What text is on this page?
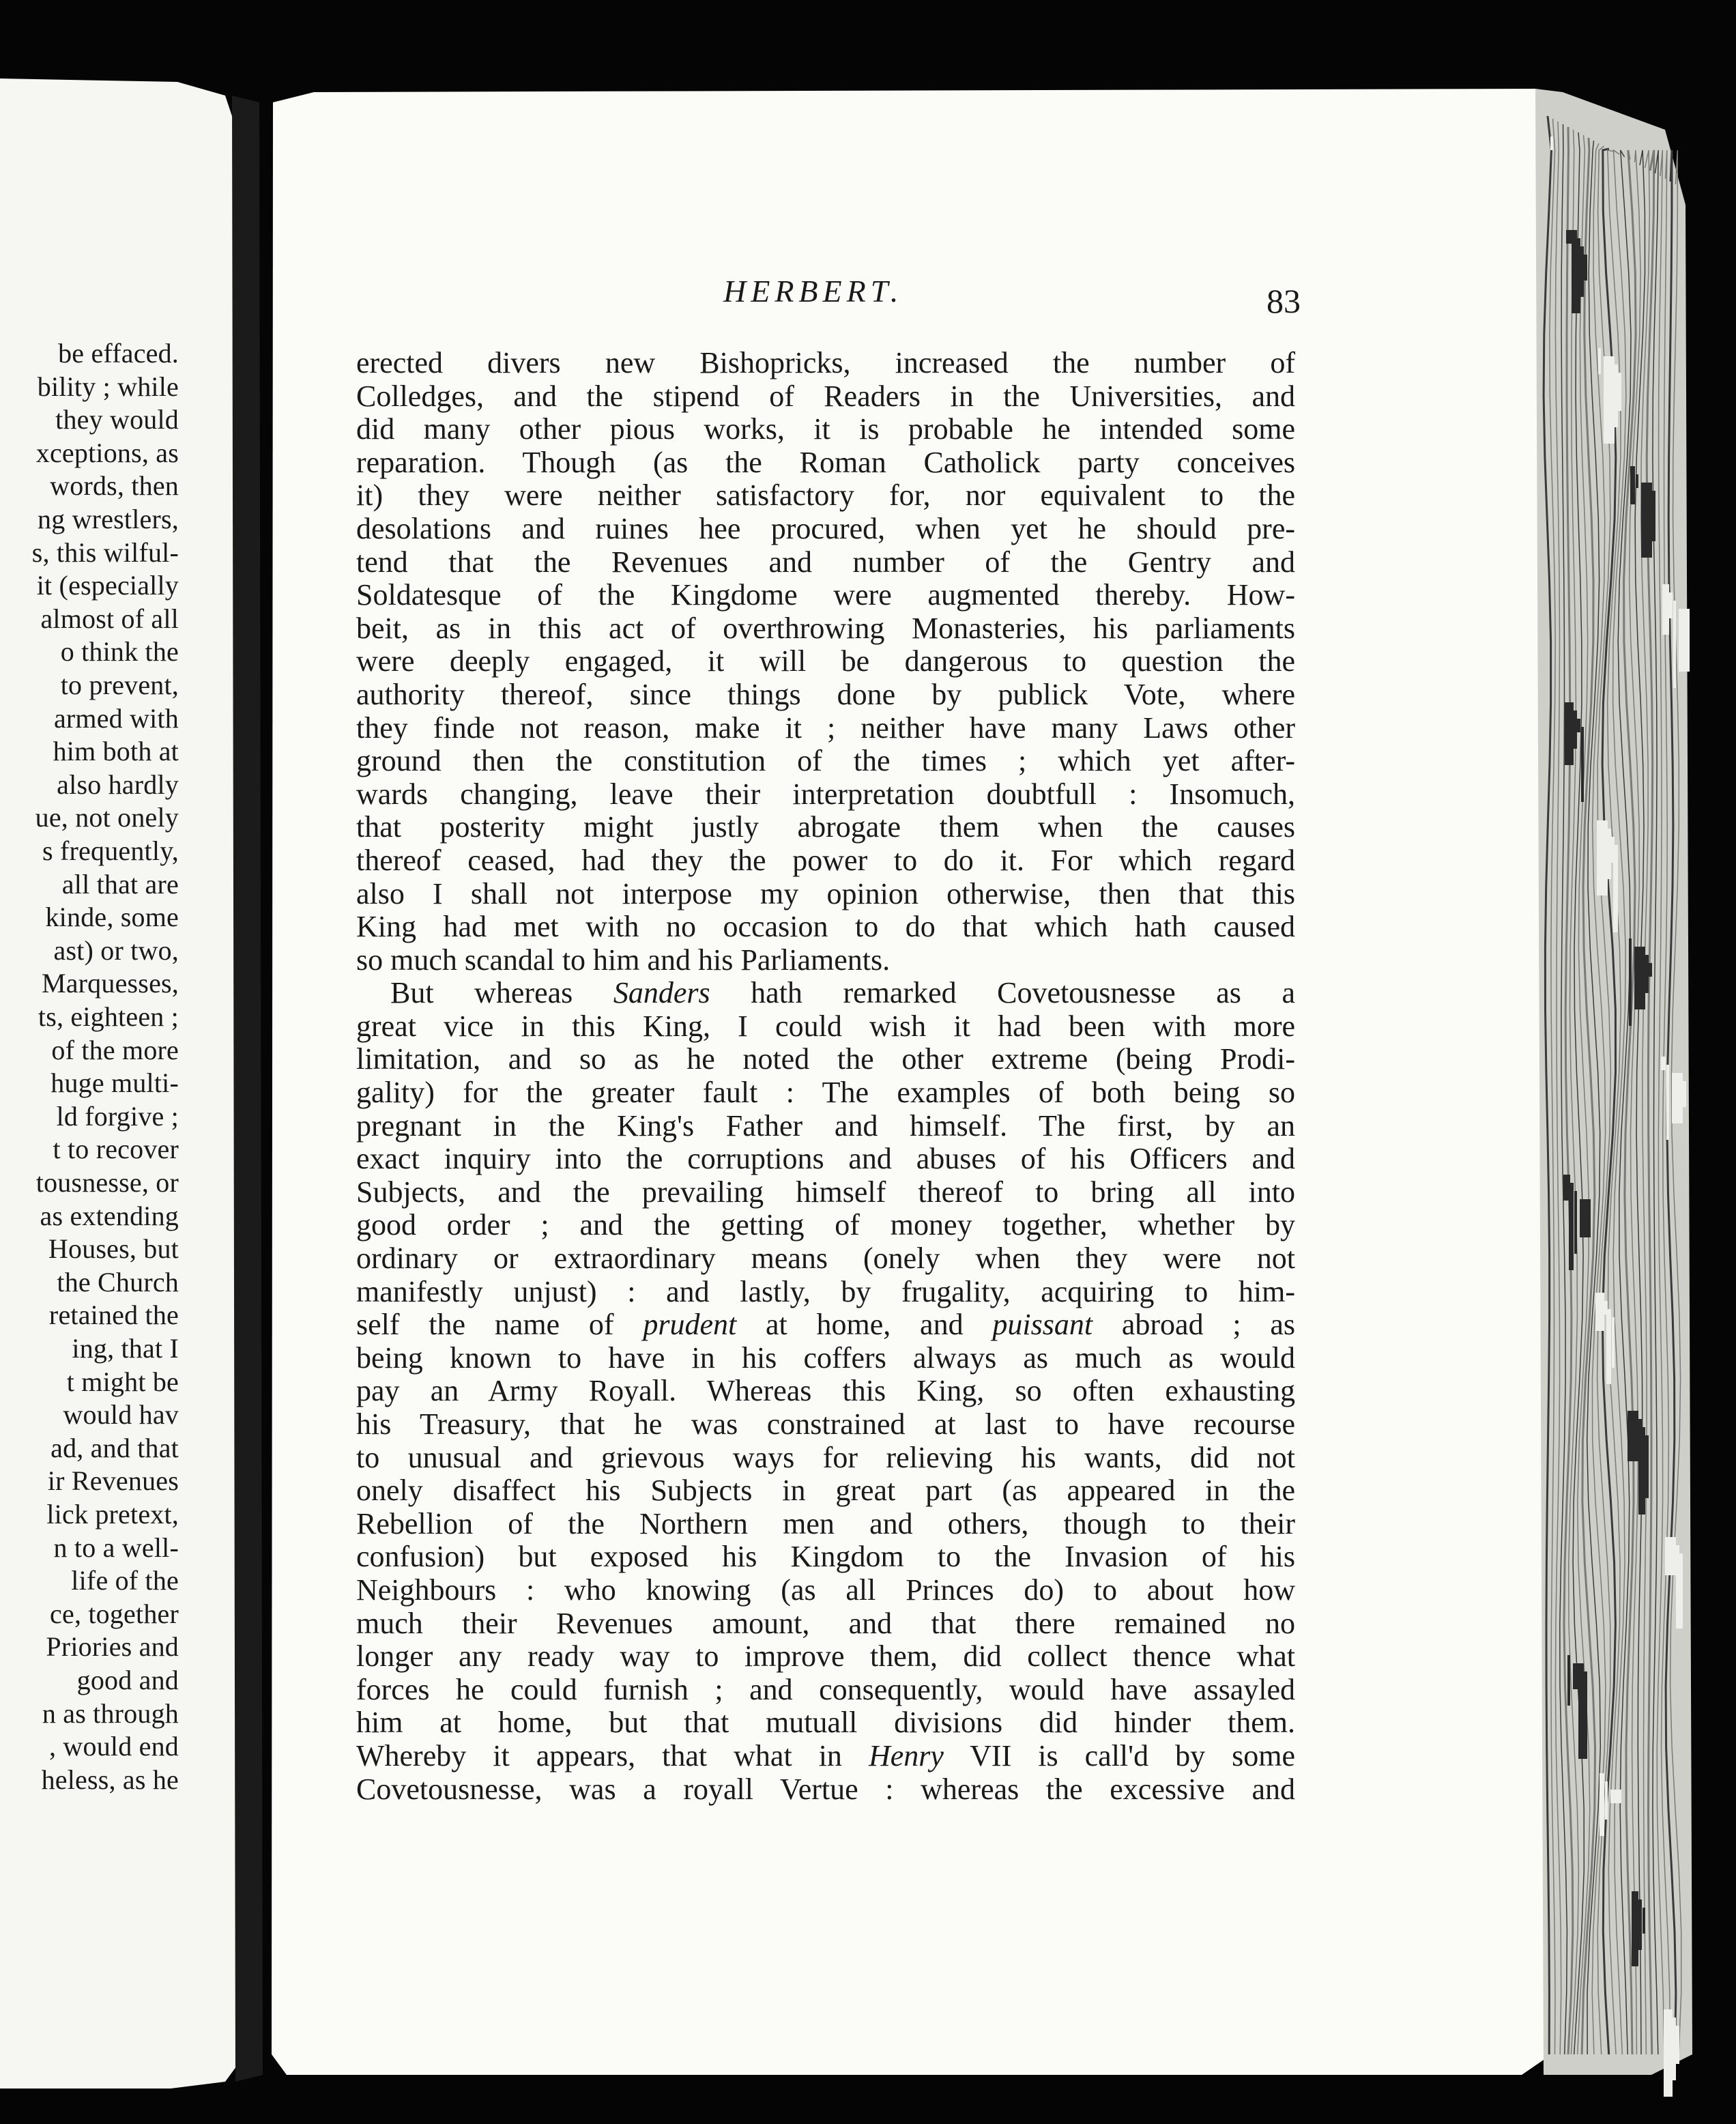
be effaced.
bility ; while
they would
xceptions, as
words, then
ng wrestlers,
s, this wilful-
it (especially
almost of all
o think the
to prevent,
armed with
him both at
also hardly
ue, not onely
s frequently,
all that are
kinde, some
ast) or two,
Marquesses,
ts, eighteen ;
of the more
huge multi-
ld forgive ;
t to recover
tousnesse, or
as extending
Houses, but
the Church
retained the
ing, that I
t might be
would hav
ad, and that
ir Revenues
lick pretext,
n to a well-
life of the
ce, together
Priories and
good and
n as through
, would end
heless, as he
HERBERT.	83
erected divers new Bishopricks, increased the number of
Colledges, and the stipend of Readers in the Universities, and
did many other pious works, it is probable he intended some
reparation. Though (as the Roman Catholick party conceives
it) they were neither satisfactory for, nor equivalent to the
desolations and ruines hee procured, when yet he should pre-
tend that the Revenues and number of the Gentry and
Soldatesque of the Kingdome were augmented thereby. How-
beit, as in this act of overthrowing Monasteries, his parliaments
were deeply engaged, it will be dangerous to question the
authority thereof, since things done by publick Vote, where
they finde not reason, make it ; neither have many Laws other
ground then the constitution of the times ; which yet after-
wards changing, leave their interpretation doubtfull : Insomuch,
that posterity might justly abrogate them when the causes
thereof ceased, had they the power to do it. For which regard
also I shall not interpose my opinion otherwise, then that this
King had met with no occasion to do that which hath caused
so much scandal to him and his Parliaments.
But whereas Sanders hath remarked Covetousnesse as a
great vice in this King, I could wish it had been with more
limitation, and so as he noted the other extreme (being Prodi-
gality) for the greater fault : The examples of both being so
pregnant in the King's Father and himself. The first, by an
exact inquiry into the corruptions and abuses of his Officers and
Subjects, and the prevailing himself thereof to bring all into
good order ; and the getting of money together, whether by
ordinary or extraordinary means (onely when they were not
manifestly unjust) : and lastly, by frugality, acquiring to him-
self the name of prudent at home, and puissant abroad ; as
being known to have in his coffers always as much as would
pay an Army Royall. Whereas this King, so often exhausting
his Treasury, that he was constrained at last to have recourse
to unusual and grievous ways for relieving his wants, did not
onely disaffect his Subjects in great part (as appeared in the
Rebellion of the Northern men and others, though to their
confusion) but exposed his Kingdom to the Invasion of his
Neighbours : who knowing (as all Princes do) to about how
much their Revenues amount, and that there remained no
longer any ready way to improve them, did collect thence what
forces he could furnish ; and consequently, would have assayled
him at home, but that mutuall divisions did hinder them.
Whereby it appears, that what in Henry VII is call'd by some
Covetousnesse, was a royall Vertue : whereas the excessive and
